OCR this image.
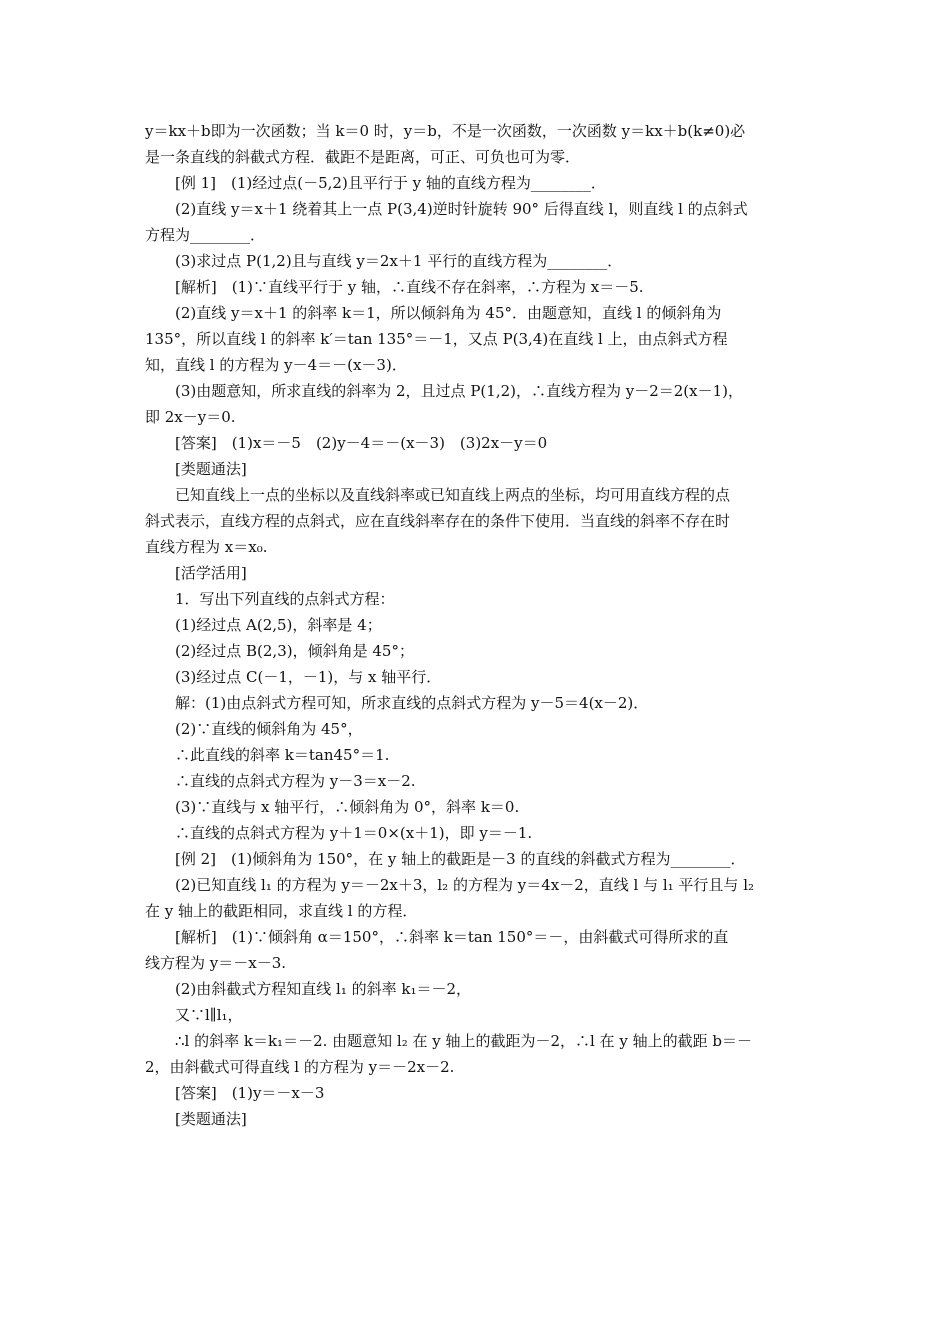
y＝kx＋b即为一次函数；当 k＝0 时，y＝b，不是一次函数，一次函数 y＝kx＋b(k≠0)必
是一条直线的斜截式方程．截距不是距离，可正、可负也可为零．
[例 1]　(1)经过点(－5,2)且平行于 y 轴的直线方程为________．
(2)直线 y＝x＋1 绕着其上一点 P(3,4)逆时针旋转 90° 后得直线 l，则直线 l 的点斜式
方程为________．
(3)求过点 P(1,2)且与直线 y＝2x＋1 平行的直线方程为________．
[解析]　(1)∵直线平行于 y 轴，∴直线不存在斜率，∴方程为 x＝－5.
(2)直线 y＝x＋1 的斜率 k＝1，所以倾斜角为 45°．由题意知，直线 l 的倾斜角为
135°，所以直线 l 的斜率 k′＝tan 135°＝－1，又点 P(3,4)在直线 l 上，由点斜式方程
知，直线 l 的方程为 y－4＝－(x－3)．
(3)由题意知，所求直线的斜率为 2，且过点 P(1,2)，∴直线方程为 y－2＝2(x－1)，
即 2x－y＝0.
[答案]　(1)x＝－5　(2)y－4＝－(x－3)　(3)2x－y＝0
[类题通法]
已知直线上一点的坐标以及直线斜率或已知直线上两点的坐标，均可用直线方程的点
斜式表示，直线方程的点斜式，应在直线斜率存在的条件下使用．当直线的斜率不存在时
直线方程为 x＝x₀.
[活学活用]
1．写出下列直线的点斜式方程：
(1)经过点 A(2,5)，斜率是 4；
(2)经过点 B(2,3)，倾斜角是 45°；
(3)经过点 C(－1，－1)，与 x 轴平行．
解：(1)由点斜式方程可知，所求直线的点斜式方程为 y－5＝4(x－2)．
(2)∵直线的倾斜角为 45°，
∴此直线的斜率 k＝tan45°＝1.
∴直线的点斜式方程为 y－3＝x－2.
(3)∵直线与 x 轴平行，∴倾斜角为 0°，斜率 k＝0.
∴直线的点斜式方程为 y＋1＝0×(x＋1)，即 y＝－1.
[例 2]　(1)倾斜角为 150°，在 y 轴上的截距是－3 的直线的斜截式方程为________．
(2)已知直线 l₁ 的方程为 y＝－2x＋3，l₂ 的方程为 y＝4x－2，直线 l 与 l₁ 平行且与 l₂
在 y 轴上的截距相同，求直线 l 的方程．
[解析]　(1)∵倾斜角 α＝150°，∴斜率 k＝tan 150°＝－，由斜截式可得所求的直
线方程为 y＝－x－3.
(2)由斜截式方程知直线 l₁ 的斜率 k₁＝－2，
又∵l∥l₁，
∴l 的斜率 k＝k₁＝－2. 由题意知 l₂ 在 y 轴上的截距为－2，∴l 在 y 轴上的截距 b＝－
2，由斜截式可得直线 l 的方程为 y＝－2x－2.
[答案]　(1)y＝－x－3
[类题通法]
